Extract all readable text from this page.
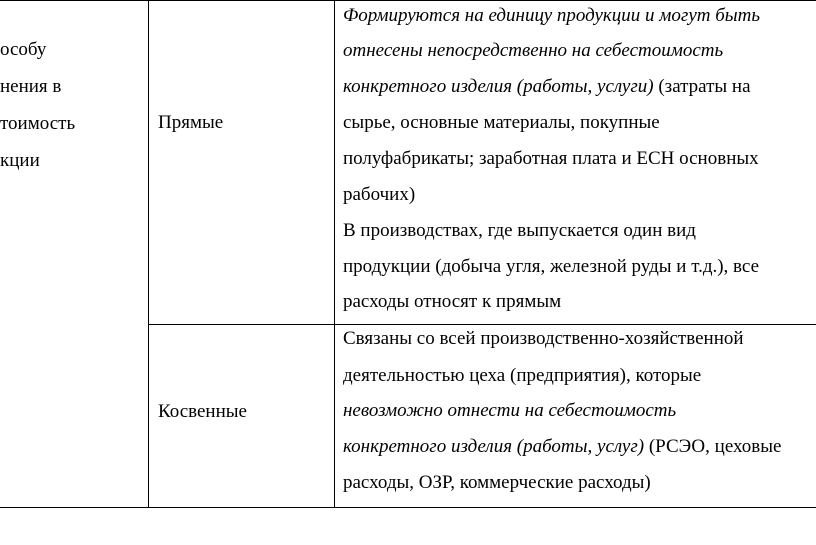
особу
нения в
тоимость
кции
Прямые
Формируются на единицу продукции и могут быть
отнесены непосредственно на себестоимость
конкретного изделия (работы, услуги) (затраты на
сырье, основные материалы, покупные
полуфабрикаты; заработная плата и ЕСН основных
рабочих)
В производствах, где выпускается один вид
продукции (добыча угля, железной руды и т.д.), все
расходы относят к прямым
Косвенные
Связаны со всей производственно-хозяйственной
деятельностью цеха (предприятия), которые
невозможно отнести на себестоимость
конкретного изделия (работы, услуг) (РСЭО, цеховые
расходы, ОЗР, коммерческие расходы)
